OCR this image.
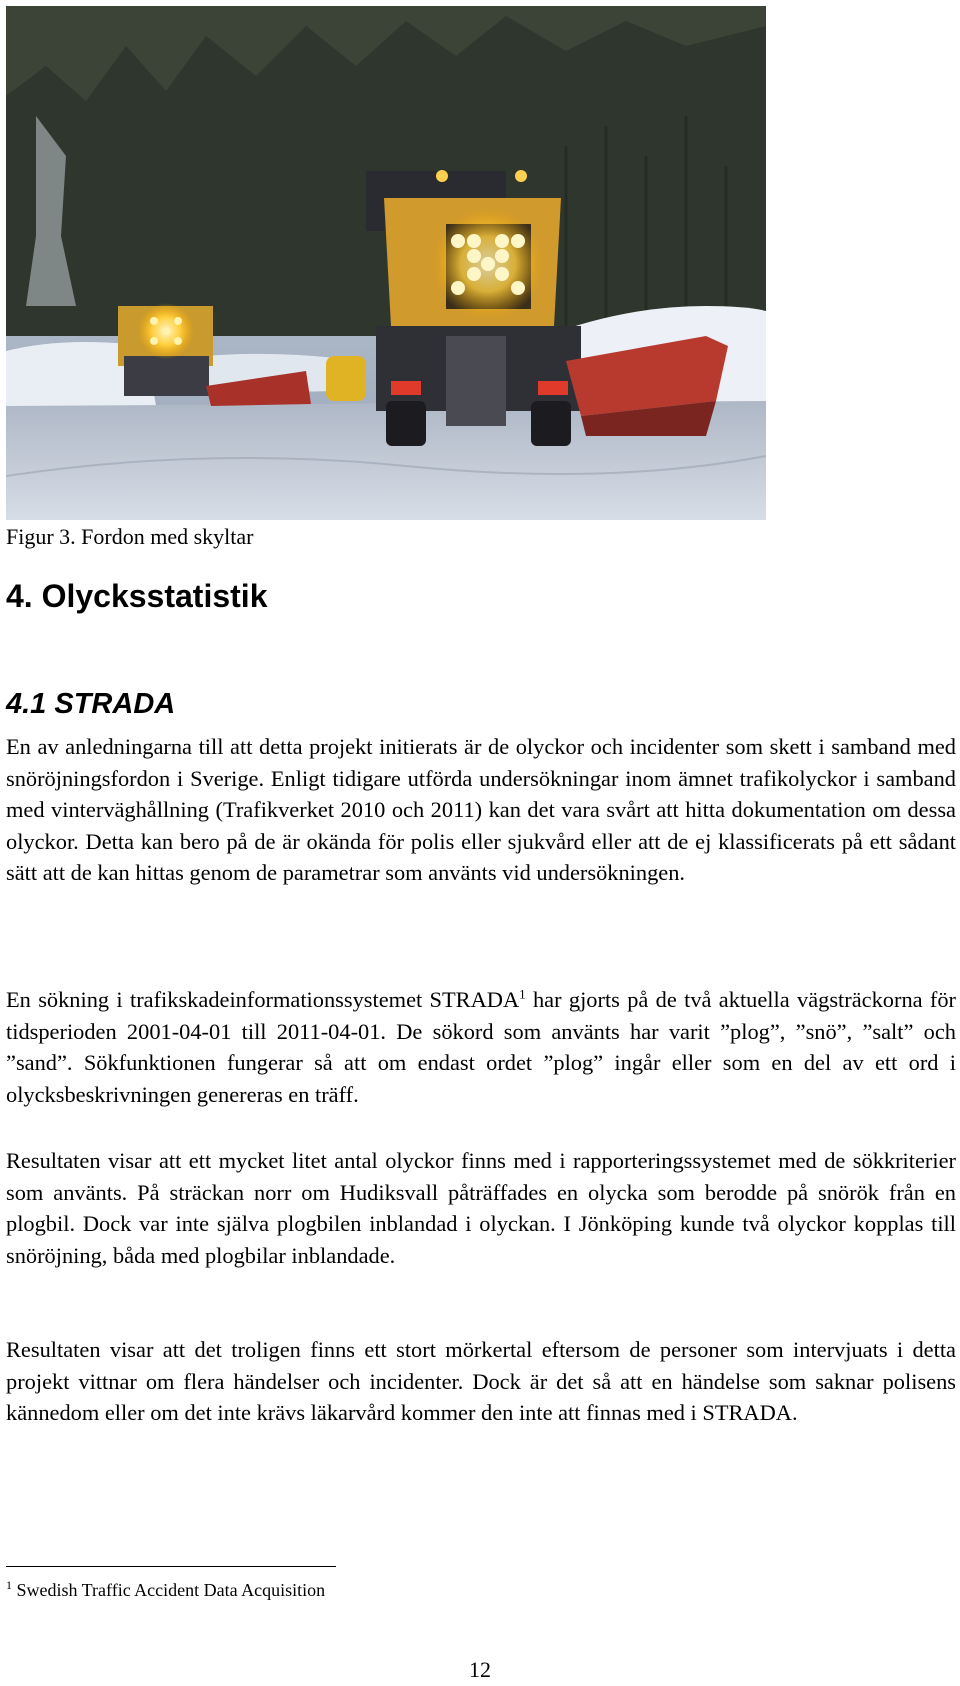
Figur 3. Fordon med skyltar
4. Olycksstatistik
4.1 STRADA

En av anledningarna till att detta projekt initierats är de olyckor och incidenter som skett i samband med snöröjningsfordon i Sverige. Enligt tidigare utförda undersökningar inom ämnet trafikolyckor i samband med vinterväghållning (Trafikverket 2010 och 2011) kan det vara svårt att hitta dokumentation om dessa olyckor. Detta kan bero på de är okända för polis eller sjukvård eller att de ej klassificerats på ett sådant sätt att de kan hittas genom de parametrar som använts vid undersökningen.

En sökning i trafikskadeinformationssystemet STRADA$^1$ har gjorts på de två aktuella vägsträckorna för tidsperioden 2001-04-01 till 2011-04-01. De sökord som använts har varit ”plog”, ”snö”, ”salt” och ”sand”. Sökfunktionen fungerar så att om endast ordet ”plog” ingår eller som en del av ett ord i olycksbeskrivningen genereras en träff.

Resultaten visar att ett mycket litet antal olyckor finns med i rapporteringssystemet med de sökkriterier som använts. På sträckan norr om Hudiksvall påträffades en olycka som berodde på snörök från en plogbil. Dock var inte själva plogbilen inblandad i olyckan. I Jönköping kunde två olyckor kopplas till snöröjning, båda med plogbilar inblandade.

Resultaten visar att det troligen finns ett stort mörkertal eftersom de personer som intervjuats i detta projekt vittnar om flera händelser och incidenter. Dock är det så att en händelse som saknar polisens kännedom eller om det inte krävs läkarvård kommer den inte att finnas med i STRADA.

$^1$ Swedish Traffic Accident Data Acquisition
12
